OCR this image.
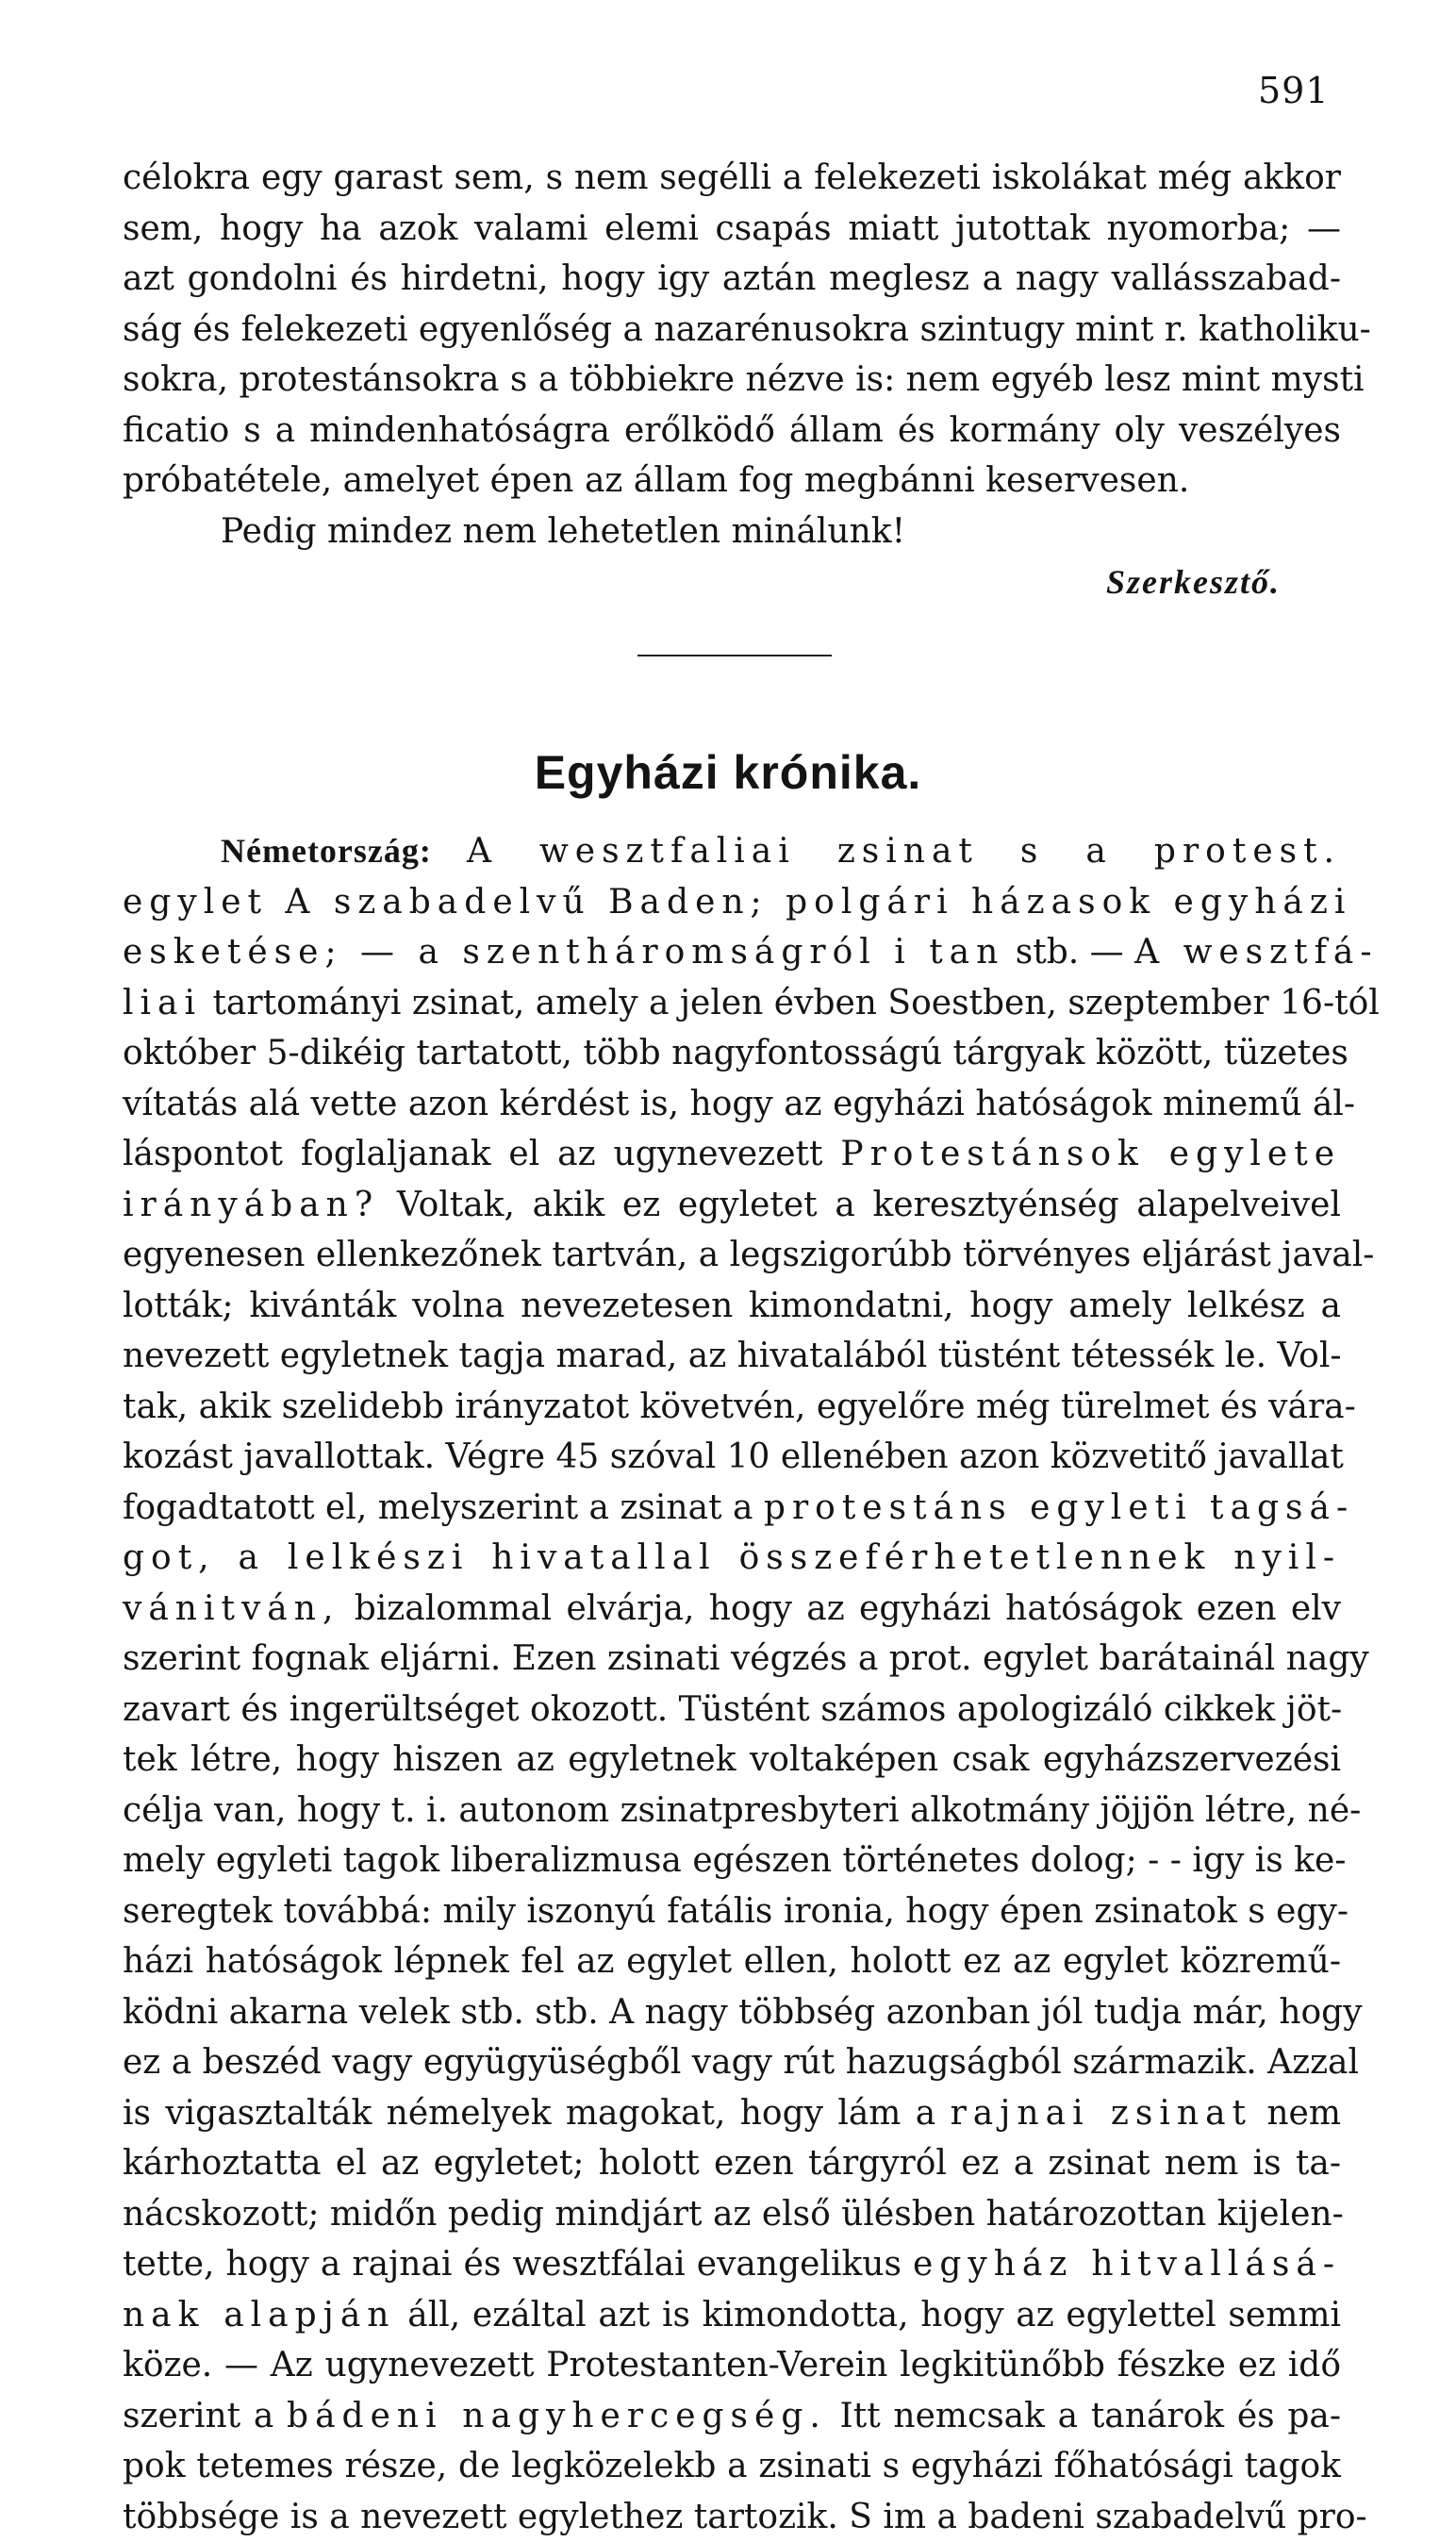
591
célokra egy garast sem, s nem segélli a felekezeti iskolákat még akkor
sem, hogy ha azok valami elemi csapás miatt jutottak nyomorba; —
azt gondolni és hirdetni, hogy igy aztán meglesz a nagy vallásszabad-
ság és felekezeti egyenlőség a nazarénusokra szintugy mint r. katholiku-
sokra, protestánsokra s a többiekre nézve is: nem egyéb lesz mint mysti
ficatio s a mindenhatóságra erőlködő állam és kormány oly veszélyes
próbatétele, amelyet épen az állam fog megbánni keservesen.
Pedig mindez nem lehetetlen minálunk!
Szerkesztő.
Egyházi krónika.
Németország: A wesztfaliai zsinat s a protest.
egylet A szabadelvű Baden; polgári házasok egyházi
esketése; — a szentháromságról i tan stb. — A wesztfá-
liai tartományi zsinat, amely a jelen évben Soestben, szeptember 16-tól
október 5-dikéig tartatott, több nagyfontosságú tárgyak között, tüzetes
vítatás alá vette azon kérdést is, hogy az egyházi hatóságok minemű ál-
láspontot foglaljanak el az ugynevezett Protestánsok egylete
irányában? Voltak, akik ez egyletet a keresztyénség alapelveivel
egyenesen ellenkezőnek tartván, a legszigorúbb törvényes eljárást javal-
lották; kivánták volna nevezetesen kimondatni, hogy amely lelkész a
nevezett egyletnek tagja marad, az hivatalából tüstént tétessék le. Vol-
tak, akik szelidebb irányzatot követvén, egyelőre még türelmet és vára-
kozást javallottak. Végre 45 szóval 10 ellenében azon közvetitő javallat
fogadtatott el, melyszerint a zsinat a protestáns egyleti tagsá-
got, a lelkészi hivatallal összeférhetetlennek nyil-
vánitván, bizalommal elvárja, hogy az egyházi hatóságok ezen elv
szerint fognak eljárni. Ezen zsinati végzés a prot. egylet barátainál nagy
zavart és ingerültséget okozott. Tüstént számos apologizáló cikkek jöt-
tek létre, hogy hiszen az egyletnek voltaképen csak egyházszervezési
célja van, hogy t. i. autonom zsinatpresbyteri alkotmány jöjjön létre, né-
mely egyleti tagok liberalizmusa egészen történetes dolog; - - igy is ke-
seregtek továbbá: mily iszonyú fatális ironia, hogy épen zsinatok s egy-
házi hatóságok lépnek fel az egylet ellen, holott ez az egylet közremű-
ködni akarna velek stb. stb. A nagy többség azonban jól tudja már, hogy
ez a beszéd vagy együgyüségből vagy rút hazugságból származik. Azzal
is vigasztalták némelyek magokat, hogy lám a rajnai zsinat nem
kárhoztatta el az egyletet; holott ezen tárgyról ez a zsinat nem is ta-
nácskozott; midőn pedig mindjárt az első ülésben határozottan kijelen-
tette, hogy a rajnai és wesztfálai evangelikus egyház hitvallásá-
nak alapján áll, ezáltal azt is kimondotta, hogy az egylettel semmi
köze. — Az ugynevezett Protestanten-Verein legkitünőbb fészke ez idő
szerint a bádeni nagyhercegség. Itt nemcsak a tanárok és pa-
pok tetemes része, de legközelekb a zsinati s egyházi főhatósági tagok
többsége is a nevezett egylethez tartozik. S im a badeni szabadelvű pro-
